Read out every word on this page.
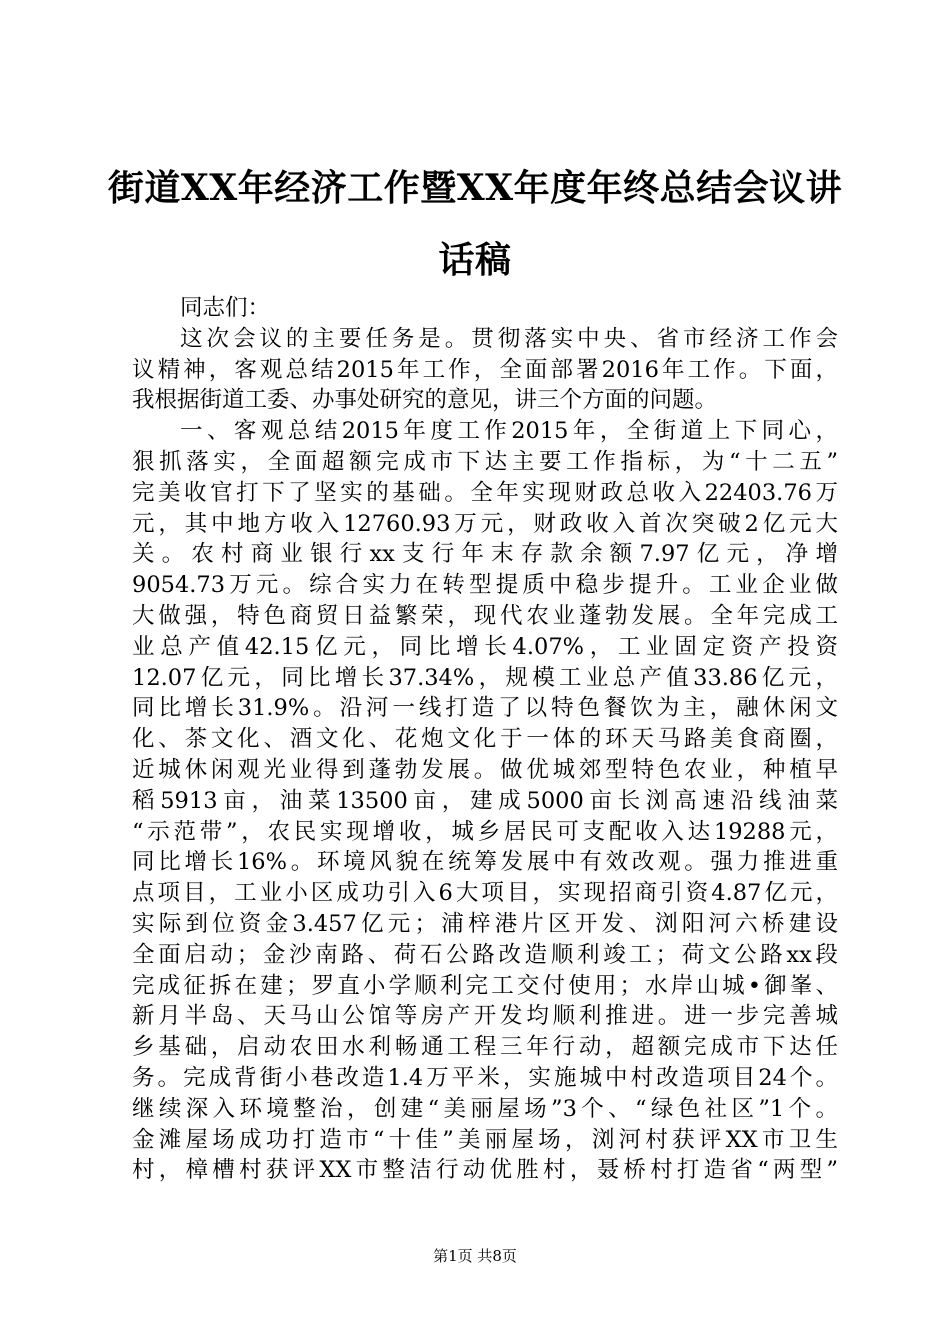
街道XX年经济工作暨XX年度年终总结会议讲
话稿
同志们：
这次会议的主要任务是。贯彻落实中央、省市经济工作会
议精神，客观总结2015年工作，全面部署2016年工作。下面，
我根据街道工委、办事处研究的意见，讲三个方面的问题。
一、客观总结2015年度工作2015年，全街道上下同心，
狠抓落实，全面超额完成市下达主要工作指标，为“十二五”
完美收官打下了坚实的基础。全年实现财政总收入22403.76万
元，其中地方收入12760.93万元，财政收入首次突破2亿元大
关。农村商业银行xx支行年末存款余额7.97亿元，净增
9054.73万元。综合实力在转型提质中稳步提升。工业企业做
大做强，特色商贸日益繁荣，现代农业蓬勃发展。全年完成工
业总产值42.15亿元，同比增长4.07%，工业固定资产投资
12.07亿元，同比增长37.34%，规模工业总产值33.86亿元，
同比增长31.9%。沿河一线打造了以特色餐饮为主，融休闲文
化、茶文化、酒文化、花炮文化于一体的环天马路美食商圈，
近城休闲观光业得到蓬勃发展。做优城郊型特色农业，种植早
稻5913亩，油菜13500亩，建成5000亩长浏高速沿线油菜
“示范带”，农民实现增收，城乡居民可支配收入达19288元，
同比增长16%。环境风貌在统筹发展中有效改观。强力推进重
点项目，工业小区成功引入6大项目，实现招商引资4.87亿元，
实际到位资金3.457亿元；浦梓港片区开发、浏阳河六桥建设
全面启动；金沙南路、荷石公路改造顺利竣工；荷文公路xx段
完成征拆在建；罗直小学顺利完工交付使用；水岸山城•御峯、
新月半岛、天马山公馆等房产开发均顺利推进。进一步完善城
乡基础，启动农田水利畅通工程三年行动，超额完成市下达任
务。完成背街小巷改造1.4万平米，实施城中村改造项目24个。
继续深入环境整治，创建“美丽屋场”3个、“绿色社区”1个。
金滩屋场成功打造市“十佳”美丽屋场，浏河村获评XX市卫生
村，樟槽村获评XX市整洁行动优胜村，聂桥村打造省“两型”
第1页 共8页
